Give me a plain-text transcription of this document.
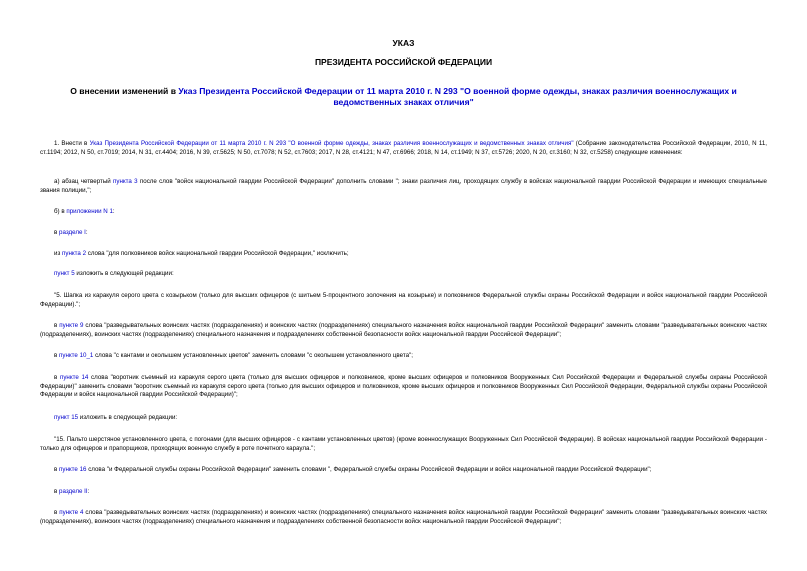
УКАЗ
ПРЕЗИДЕНТА РОССИЙСКОЙ ФЕДЕРАЦИИ
О внесении изменений в Указ Президента Российской Федерации от 11 марта 2010 г. N 293 "О военной форме одежды, знаках различия военнослужащих и ведомственных знаках отличия"
1. Внести в Указ Президента Российской Федерации от 11 марта 2010 г. N 293 "О военной форме одежды, знаках различия военнослужащих и ведомственных знаках отличия" (Собрание законодательства Российской Федерации, 2010, N 11, ст.1194; 2012, N 50, ст.7019; 2014, N 31, ст.4404; 2016, N 39, ст.5625; N 50, ст.7078; N 52, ст.7603; 2017, N 28, ст.4121; N 47, ст.6966; 2018, N 14, ст.1949; N 37, ст.5726; 2020, N 20, ст.3160; N 32, ст.5258) следующие изменения:
а) абзац четвертый пункта 3 после слов "войск национальной гвардии Российской Федерации" дополнить словами "; знаки различия лиц, проходящих службу в войсках национальной гвардии Российской Федерации и имеющих специальные звания полиции,";
б) в приложении N 1:
в разделе I:
из пункта 2 слова "для полковников войск национальной гвардии Российской Федерации," исключить;
пункт 5 изложить в следующей редакции:
"5. Шапка из каракуля серого цвета с козырьком (только для высших офицеров (с шитьем 5-процентного золочения на козырьке) и полковников Федеральной службы охраны Российской Федерации и войск национальной гвардии Российской Федерации).";
в пункте 9 слова "разведывательных воинских частях (подразделениях) и воинских частях (подразделениях) специального назначения войск национальной гвардии Российской Федерации" заменить словами "разведывательных воинских частях (подразделениях), воинских частях (подразделениях) специального назначения и подразделениях собственной безопасности войск национальной гвардии Российской Федерации";
в пункте 10_1 слова "с кантами и околышем установленных цветов" заменить словами "с околышем установленного цвета";
в пункте 14 слова "воротник съемный из каракуля серого цвета (только для высших офицеров и полковников, кроме высших офицеров и полковников Вооруженных Сил Российской Федерации и Федеральной службы охраны Российской Федерации)" заменить словами "воротник съемный из каракуля серого цвета (только для высших офицеров и полковников, кроме высших офицеров и полковников Вооруженных Сил Российской Федерации, Федеральной службы охраны Российской Федерации и войск национальной гвардии Российской Федерации)";
пункт 15 изложить в следующей редакции:
"15. Пальто шерстяное установленного цвета, с погонами (для высших офицеров - с кантами установленных цветов) (кроме военнослужащих Вооруженных Сил Российской Федерации). В войсках национальной гвардии Российской Федерации - только для офицеров и прапорщиков, проходящих военную службу в роте почетного караула.";
в пункте 16 слова "и Федеральной службы охраны Российской Федерации" заменить словами ", Федеральной службы охраны Российской Федерации и войск национальной гвардии Российской Федерации";
в разделе II:
в пункте 4 слова "разведывательных воинских частях (подразделениях) и воинских частях (подразделениях) специального назначения войск национальной гвардии Российской Федерации" заменить словами "разведывательных воинских частях (подразделениях), воинских частях (подразделениях) специального назначения и подразделениях собственной безопасности войск национальной гвардии Российской Федерации";
